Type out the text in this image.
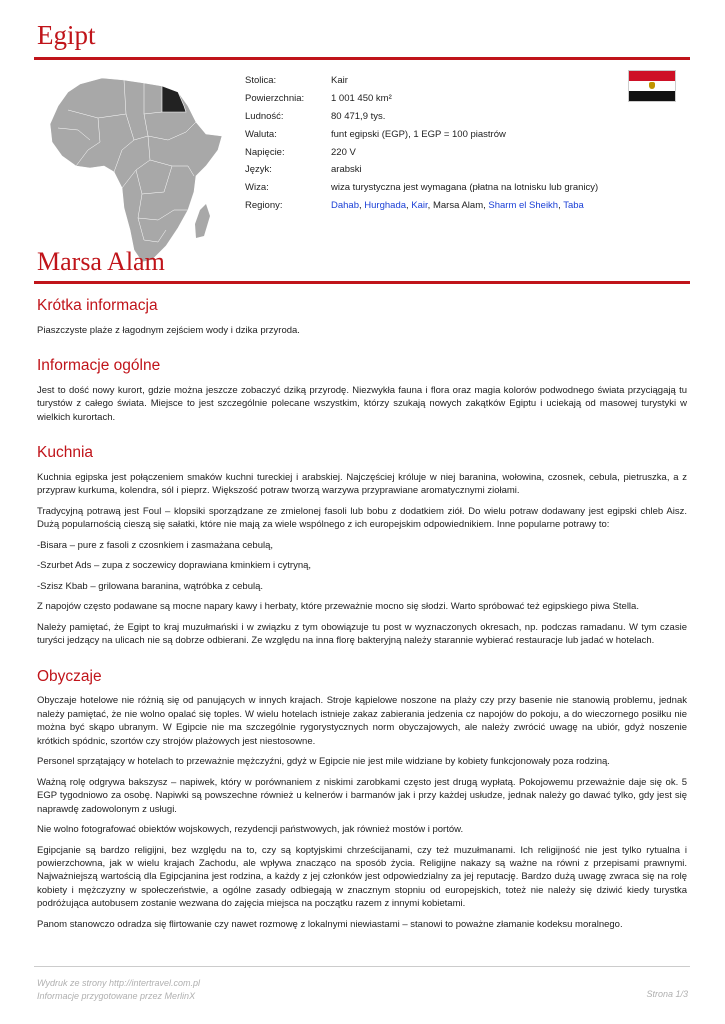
Egipt
Stolica:	Kair
Powierzchnia:	1 001 450 km²
Ludność:	80 471,9 tys.
Waluta:	funt egipski (EGP), 1 EGP = 100 piastrów
Napięcie:	220 V
Język:	arabski
Wiza:	wiza turystyczna jest wymagana (płatna na lotnisku lub granicy)
Regiony:	Dahab, Hurghada, Kair, Marsa Alam, Sharm el Sheikh, Taba
Marsa Alam
Krótka informacja

Piaszczyste plaże z łagodnym zejściem wody i dzika przyroda.

Informacje ogólne

Jest to dość nowy kurort, gdzie można jeszcze zobaczyć dziką przyrodę. Niezwykła fauna i flora oraz magia kolorów podwodnego świata przyciągają tu turystów z całego świata. Miejsce to jest szczególnie polecane wszystkim, którzy szukają nowych zakątków Egiptu i uciekają od masowej turystyki w wielkich kurortach.

Kuchnia

Kuchnia egipska jest połączeniem smaków kuchni tureckiej i arabskiej. Najczęściej króluje w niej baranina, wołowina, czosnek, cebula, pietruszka, a z przypraw kurkuma, kolendra, sól i pieprz. Większość potraw tworzą warzywa przyprawiane aromatycznymi ziołami.

Tradycyjną potrawą jest Foul – klopsiki sporządzane ze zmielonej fasoli lub bobu z dodatkiem ziół. Do wielu potraw dodawany jest egipski chleb Aisz. Dużą popularnością cieszą się sałatki, które nie mają za wiele wspólnego z ich europejskim odpowiednikiem. Inne popularne potrawy to:

-Bisara – pure z fasoli z czosnkiem i zasmażana cebulą,

-Szurbet Ads – zupa z soczewicy doprawiana kminkiem i cytryną,

-Szisz Kbab – grilowana baranina, wątróbka z cebulą.

Z napojów często podawane są mocne napary kawy i herbaty, które przeważnie mocno się słodzi. Warto spróbować też egipskiego piwa Stella.

Należy pamiętać, że Egipt to kraj muzułmański i w związku z tym obowiązuje tu post w wyznaczonych okresach, np. podczas ramadanu. W tym czasie turyści jedzący na ulicach nie są dobrze odbierani. Ze względu na inna florę bakteryjną należy starannie wybierać restauracje lub jadać w hotelach.

Obyczaje

Obyczaje hotelowe nie różnią się od panujących w innych krajach. Stroje kąpielowe noszone na plaży czy przy basenie nie stanowią problemu, jednak należy pamiętać, że nie wolno opalać się toples. W wielu hotelach istnieje zakaz zabierania jedzenia cz napojów do pokoju, a do wieczornego posiłku nie można być skąpo ubranym. W Egipcie nie ma szczególnie rygorystycznych norm obyczajowych, ale należy zwrócić uwagę na ubiór, gdyż noszenie krótkich spódnic, szortów czy strojów plażowych jest niestosowne.

Personel sprzątający w hotelach to przeważnie mężczyźni, gdyż w Egipcie nie jest mile widziane by kobiety funkcjonowały poza rodziną.

Ważną rolę odgrywa bakszysz – napiwek, który w porównaniem z niskimi zarobkami często jest drugą wypłatą. Pokojowemu przeważnie daje się ok. 5 EGP tygodniowo za osobę. Napiwki są powszechne również u kelnerów i barmanów jak i przy każdej usłudze, jednak należy go dawać tylko, gdy jest się naprawdę zadowolonym z usługi.

Nie wolno fotografować obiektów wojskowych, rezydencji państwowych, jak również mostów i portów.

Egipcjanie są bardzo religijni, bez względu na to, czy są koptyjskimi chrześcijanami, czy też muzułmanami. Ich religijność nie jest tylko rytualna i powierzchowna, jak w wielu krajach Zachodu, ale wpływa znacząco na sposób życia. Religijne nakazy są ważne na równi z przepisami prawnymi. Najważniejszą wartością dla Egipcjanina jest rodzina, a każdy z jej członków jest odpowiedzialny za jej reputację. Bardzo dużą uwagę zwraca się na rolę kobiety i mężczyzny w społeczeństwie, a ogólne zasady odbiegają w znacznym stopniu od europejskich, toteż nie należy się dziwić kiedy turystka podróżująca autobusem zostanie wezwana do zajęcia miejsca na początku razem z innymi kobietami.

Panom stanowczo odradza się flirtowanie czy nawet rozmowę z lokalnymi niewiastami – stanowi to poważne złamanie kodeksu moralnego.

Wydruk ze strony http://intertravel.com.pl
Informacje przygotowane przez MerlinX	Strona 1/3
